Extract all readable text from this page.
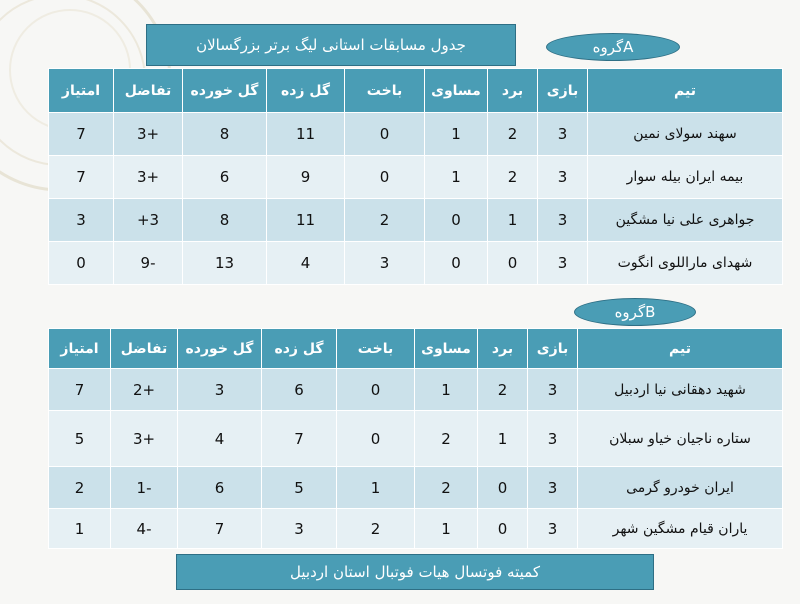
جدول مسابقات استانی لیگ برتر بزرگسالان	گروهA
تیم	بازی	برد	مساوی	باخت	گل زده	گل خورده	تفاضل	امتیاز
سهند سولای نمین	3	2	1	0	11	8	+3	7
بیمه ایران بیله سوار	3	2	1	0	9	6	+3	7
جواهری علی نیا مشگین	3	1	0	2	11	8	3+	3
شهدای ماراللوی انگوت	3	0	0	3	4	13	-9	0
گروهB
تیم	بازی	برد	مساوی	باخت	گل زده	گل خورده	تفاضل	امتیاز
شهید دهقانی نیا اردبیل	3	2	1	0	6	3	+2	7
ستاره ناجیان خیاو سبلان	3	1	2	0	7	4	+3	5
ایران خودرو گرمی	3	0	2	1	5	6	-1	2
یاران قیام مشگین شهر	3	0	1	2	3	7	-4	1
کمیته فوتسال هیات فوتبال استان اردبیل
